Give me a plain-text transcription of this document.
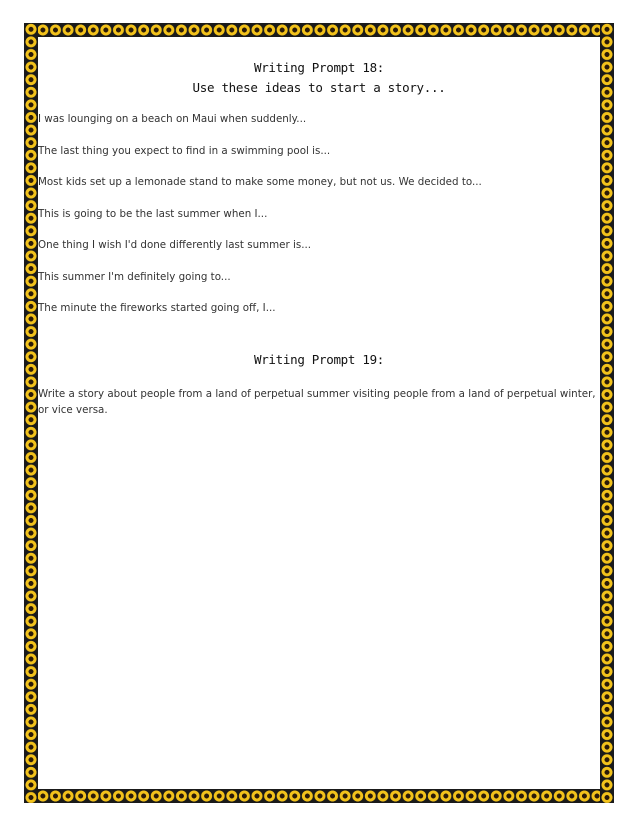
Writing Prompt 18:
Use these ideas to start a story...
I was lounging on a beach on Maui when suddenly...
The last thing you expect to find in a swimming pool is...
Most kids set up a lemonade stand to make some money, but not us. We decided to...
This is going to be the last summer when I...
One thing I wish I'd done differently last summer is...
This summer I'm definitely going to...
The minute the fireworks started going off, I...
Writing Prompt 19:

Write a story about people from a land of perpetual summer visiting people from a land of perpetual winter, or vice versa.
